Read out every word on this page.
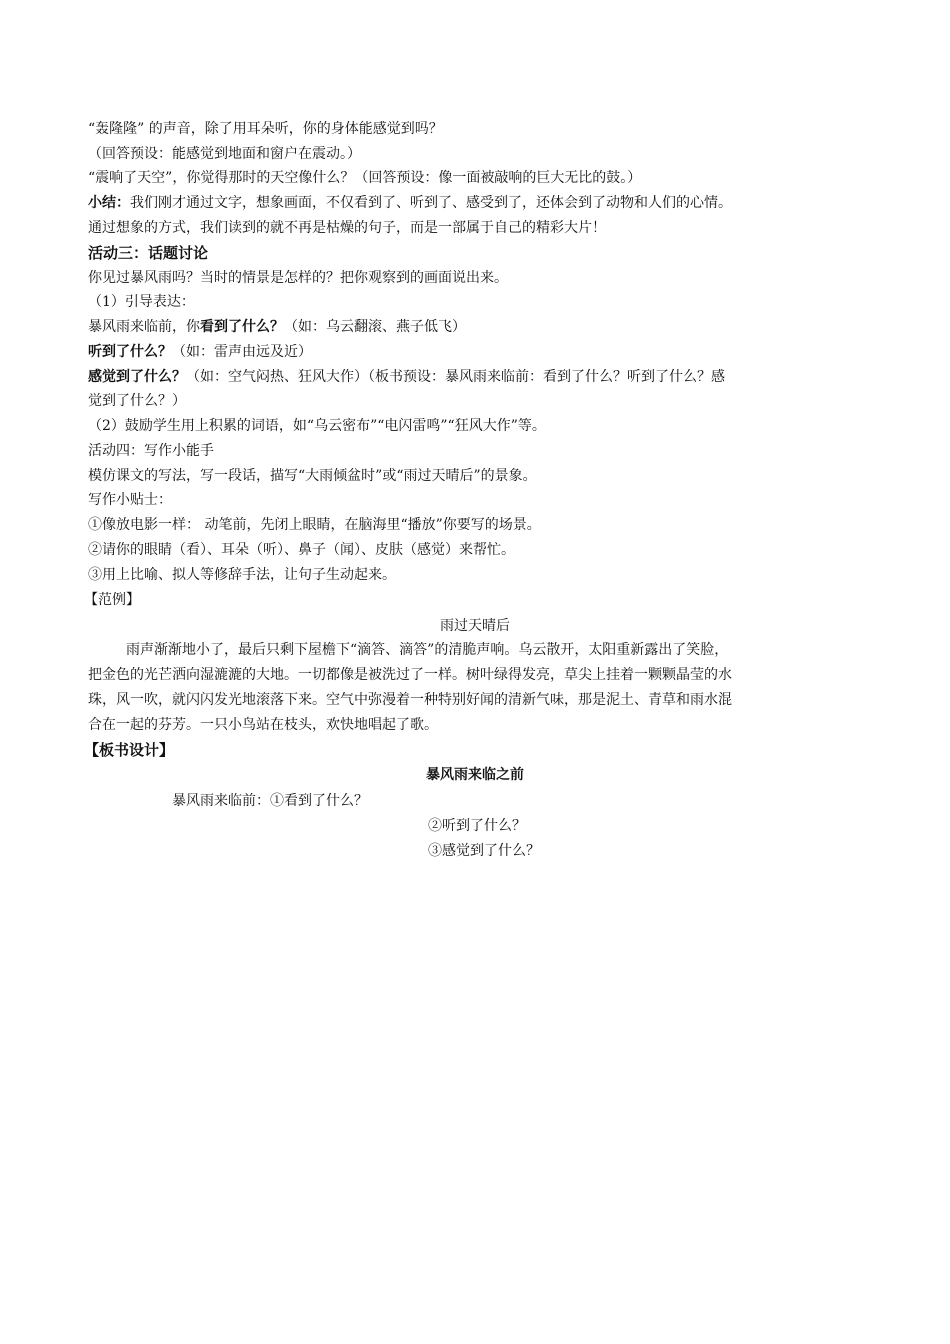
“轰隆隆” 的声音，除了用耳朵听，你的身体能感觉到吗？
（回答预设：能感觉到地面和窗户在震动。）
“震响了天空”，你觉得那时的天空像什么？（回答预设：像一面被敲响的巨大无比的鼓。）
小结：我们刚才通过文字，想象画面，不仅看到了、听到了、感受到了，还体会到了动物和人们的心情。
通过想象的方式，我们读到的就不再是枯燥的句子，而是一部属于自己的精彩大片！
活动三：话题讨论
你见过暴风雨吗？当时的情景是怎样的？把你观察到的画面说出来。
（1）引导表达：
暴风雨来临前，你看到了什么？（如：乌云翻滚、燕子低飞）
听到了什么？（如：雷声由远及近）
感觉到了什么？（如：空气闷热、狂风大作）（板书预设：暴风雨来临前：看到了什么？听到了什么？感
觉到了什么？）
（2）鼓励学生用上积累的词语，如“乌云密布”“电闪雷鸣”“狂风大作”等。
活动四：写作小能手
模仿课文的写法，写一段话，描写“大雨倾盆时”或“雨过天晴后”的景象。
写作小贴士：
①像放电影一样： 动笔前，先闭上眼睛，在脑海里“播放”你要写的场景。
②请你的眼睛（看）、耳朵（听）、鼻子（闻）、皮肤（感觉）来帮忙。
③用上比喻、拟人等修辞手法，让句子生动起来。
【范例】
雨过天晴后
雨声渐渐地小了，最后只剩下屋檐下“滴答、滴答”的清脆声响。乌云散开，太阳重新露出了笑脸，
把金色的光芒洒向湿漉漉的大地。一切都像是被洗过了一样。树叶绿得发亮，草尖上挂着一颗颗晶莹的水
珠，风一吹，就闪闪发光地滚落下来。空气中弥漫着一种特别好闻的清新气味，那是泥土、青草和雨水混
合在一起的芬芳。一只小鸟站在枝头，欢快地唱起了歌。
【板书设计】
暴风雨来临之前
暴风雨来临前：①看到了什么？
②听到了什么？
③感觉到了什么？
